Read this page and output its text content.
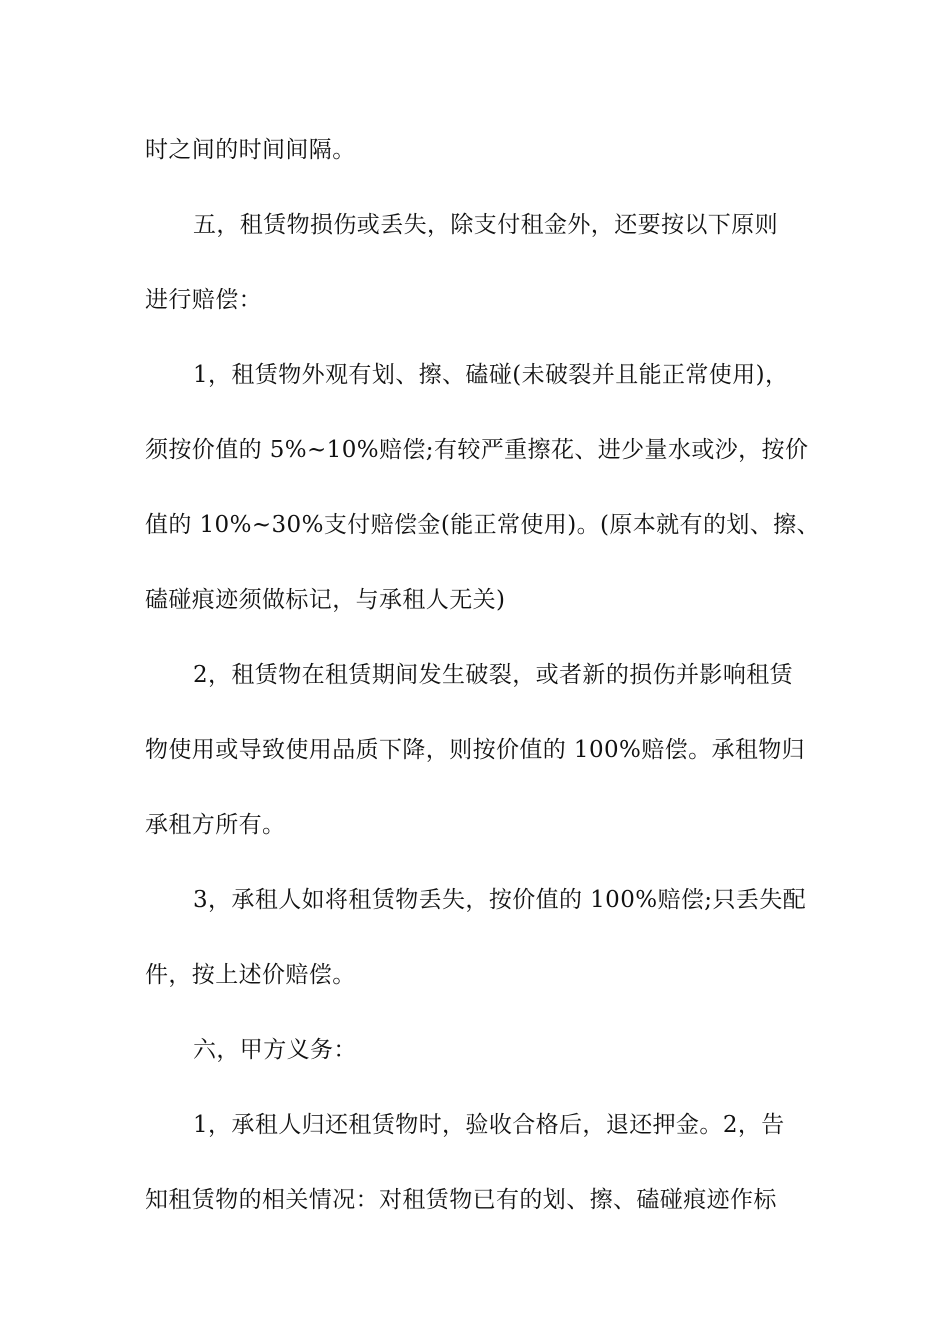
时之间的时间间隔。
五，租赁物损伤或丢失，除支付租金外，还要按以下原则
进行赔偿：
1，租赁物外观有划、擦、磕碰(未破裂并且能正常使用)，
须按价值的 5%~10%赔偿;有较严重擦花、进少量水或沙，按价
值的 10%~30%支付赔偿金(能正常使用)。(原本就有的划、擦、
磕碰痕迹须做标记，与承租人无关)
2，租赁物在租赁期间发生破裂，或者新的损伤并影响租赁
物使用或导致使用品质下降，则按价值的 100%赔偿。承租物归
承租方所有。
3，承租人如将租赁物丢失，按价值的 100%赔偿;只丢失配
件，按上述价赔偿。
六，甲方义务：
1，承租人归还租赁物时，验收合格后，退还押金。2，告
知租赁物的相关情况：对租赁物已有的划、擦、磕碰痕迹作标
